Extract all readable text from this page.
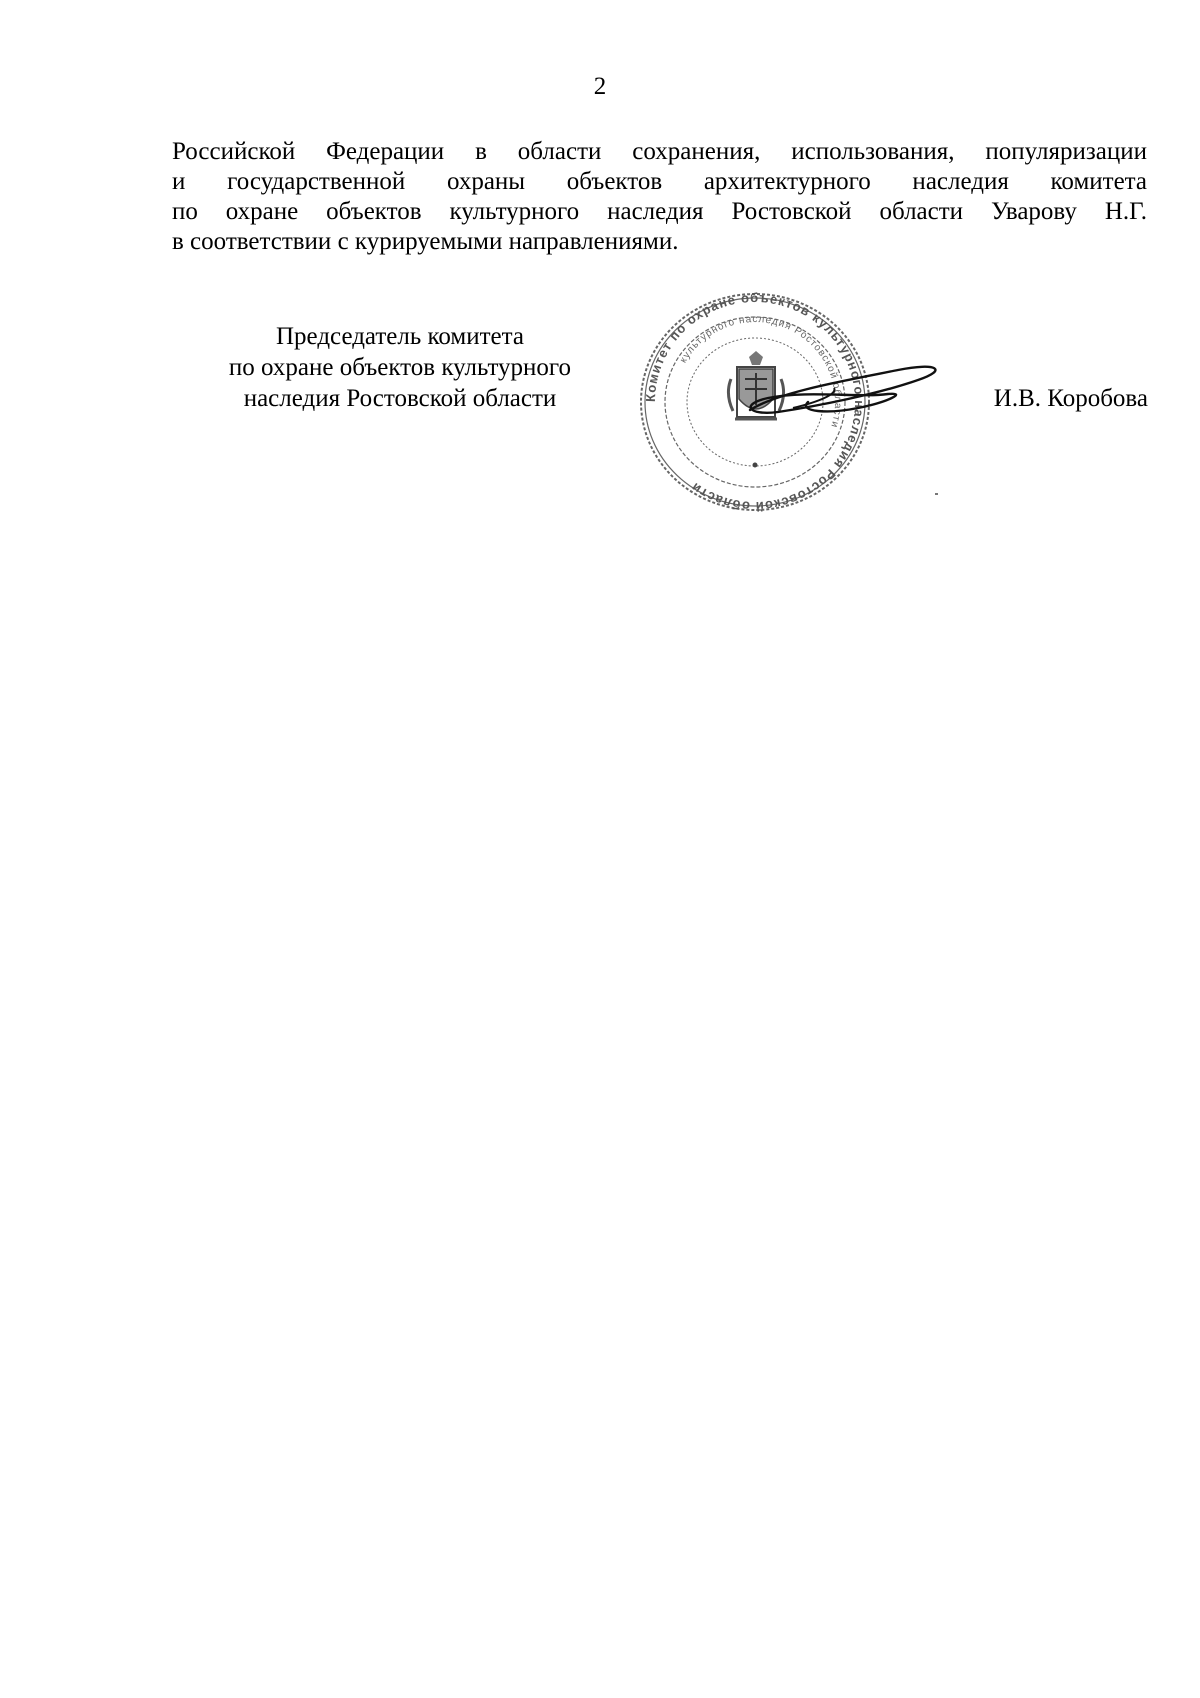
2
Российской Федерации в области сохранения, использования, популяризации
и государственной охраны объектов архитектурного наследия комитета
по охране объектов культурного наследия Ростовской области Уварову Н.Г.
в соответствии с курируемыми направлениями.
Председатель комитета
по охране объектов культурного
наследия Ростовской области	И.В. Коробова
Комитет по охране объектов культурного наследия Ростовской области
культурного наследия Ростовской области
